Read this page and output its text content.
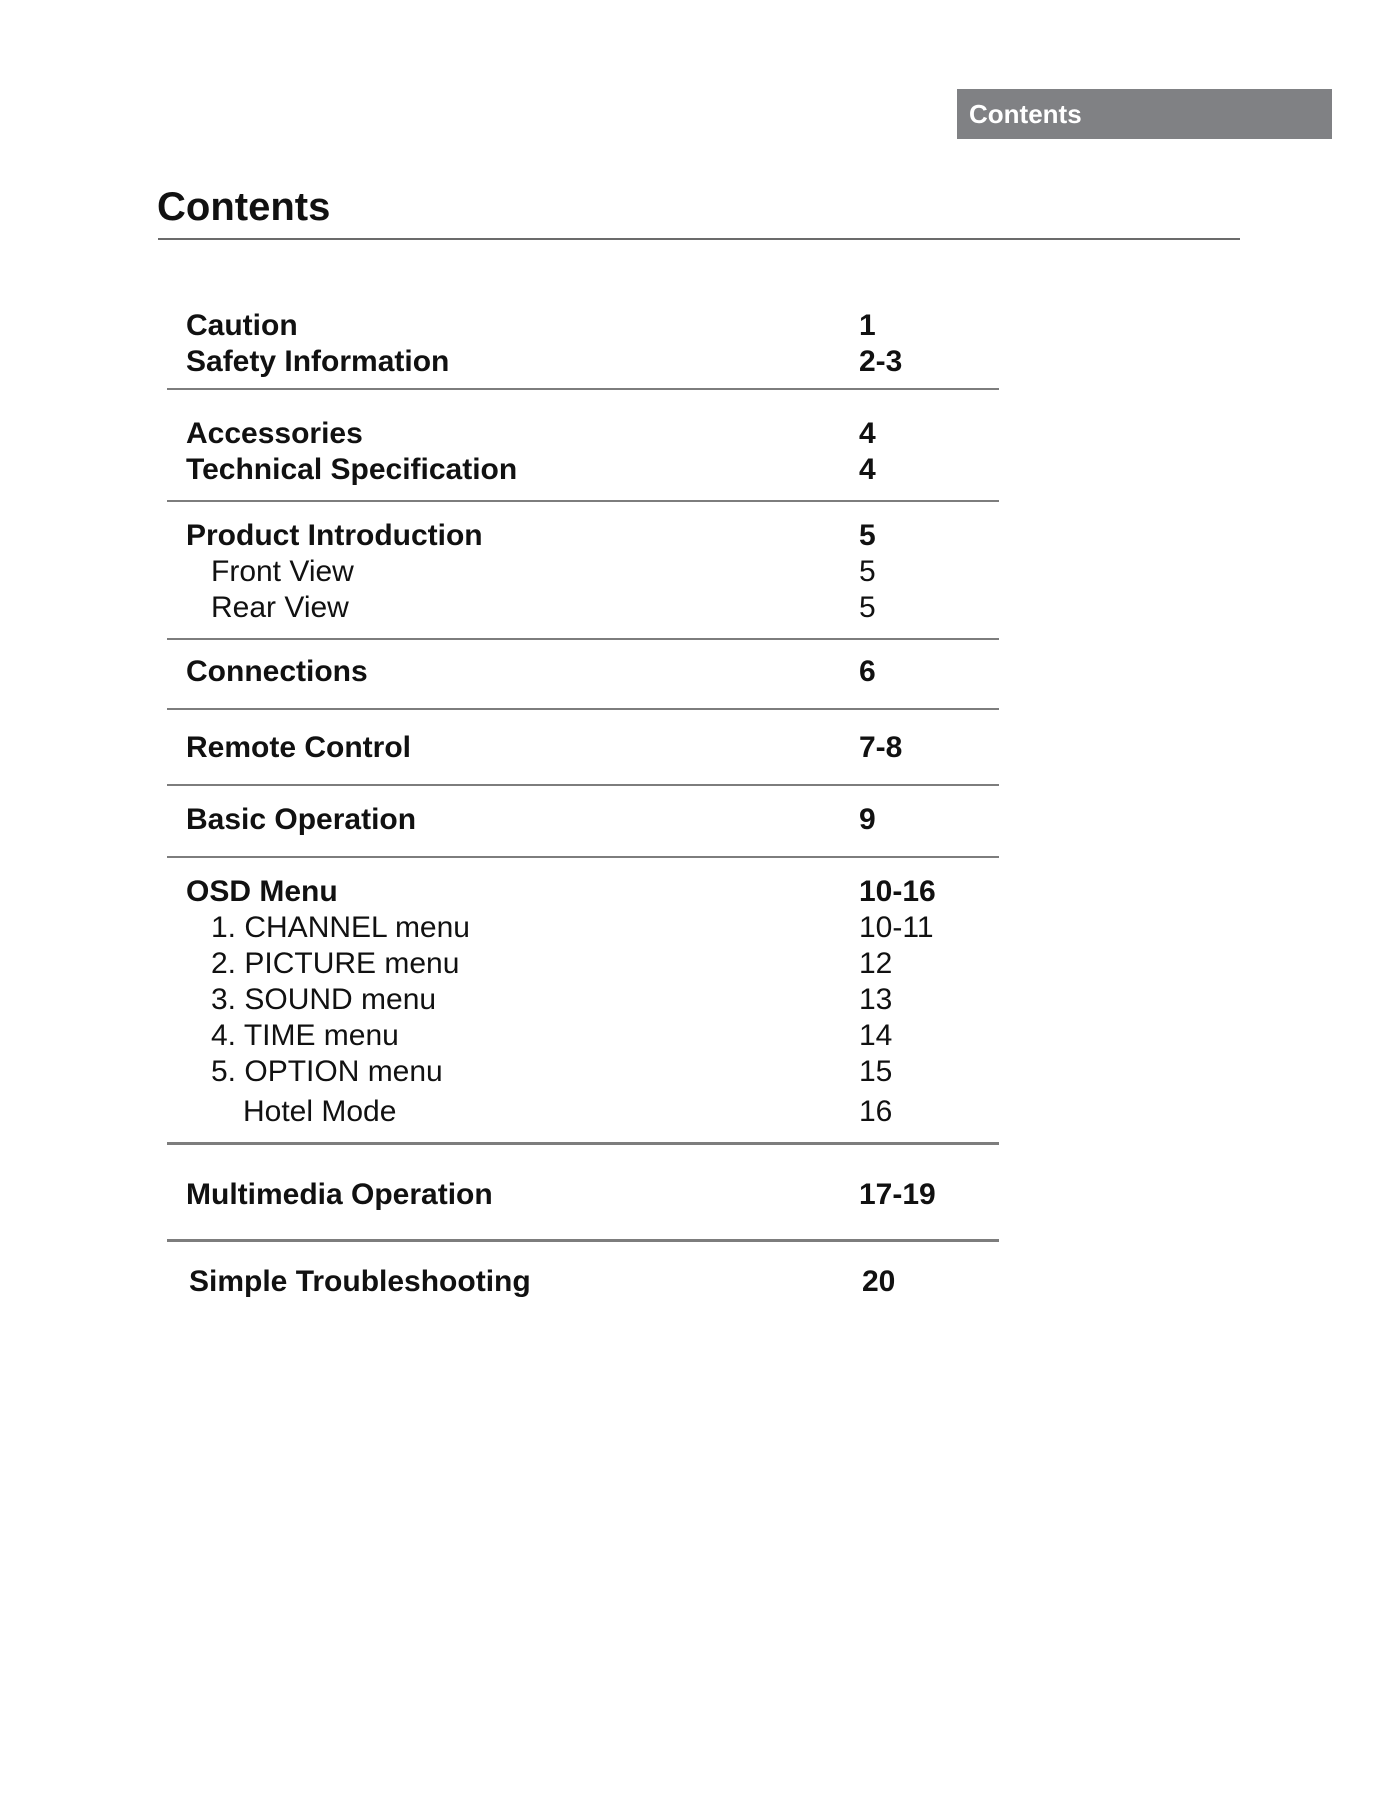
Contents
Contents
Caution	1
Safety Information	2-3
Accessories	4
Technical Specification	4
Product Introduction	5
Front View	5
Rear View	5
Connections	6
Remote Control	7-8
Basic Operation	9
OSD Menu	10-16
1. CHANNEL menu	10-11
2. PICTURE menu	12
3. SOUND menu	13
4. TIME menu	14
5. OPTION menu	15
Hotel Mode	16
Multimedia Operation	17-19
Simple Troubleshooting	20
